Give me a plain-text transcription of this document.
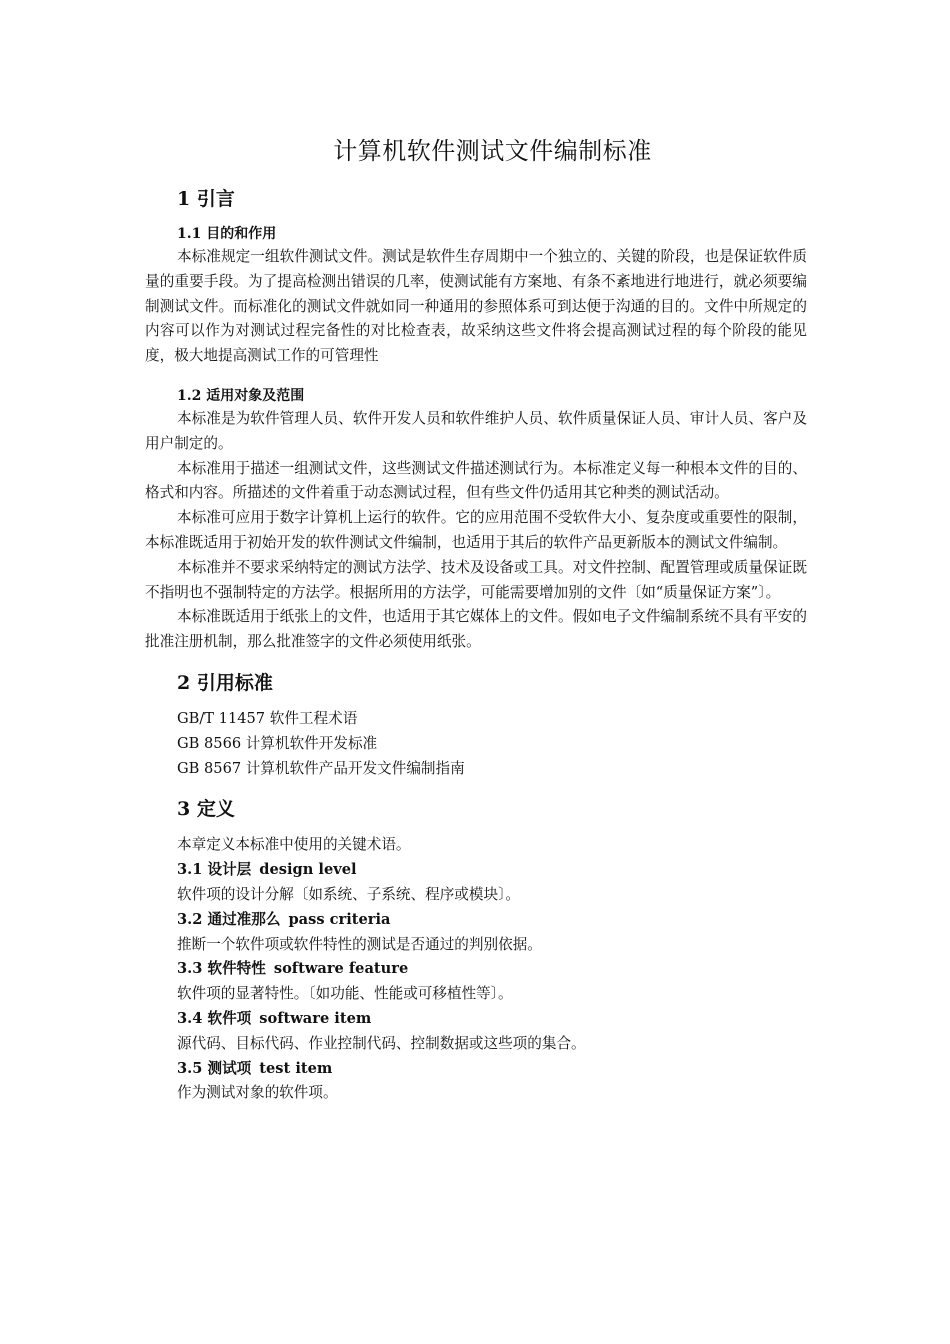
计算机软件测试文件编制标准
1 引言
1.1 目的和作用

本标准规定一组软件测试文件。测试是软件生存周期中一个独立的、关键的阶段，也是保证软件质量的重要手段。为了提高检测出错误的几率，使测试能有方案地、有条不紊地进行地进行，就必须要编制测试文件。而标准化的测试文件就如同一种通用的参照体系可到达便于沟通的目的。文件中所规定的内容可以作为对测试过程完备性的对比检查表，故采纳这些文件将会提高测试过程的每个阶段的能见度，极大地提高测试工作的可管理性

1.2 适用对象及范围

本标准是为软件管理人员、软件开发人员和软件维护人员、软件质量保证人员、审计人员、客户及用户制定的。

本标准用于描述一组测试文件，这些测试文件描述测试行为。本标准定义每一种根本文件的目的、格式和内容。所描述的文件着重于动态测试过程，但有些文件仍适用其它种类的测试活动。

本标准可应用于数字计算机上运行的软件。它的应用范围不受软件大小、复杂度或重要性的限制，本标准既适用于初始开发的软件测试文件编制，也适用于其后的软件产品更新版本的测试文件编制。

本标准并不要求采纳特定的测试方法学、技术及设备或工具。对文件控制、配置管理或质量保证既不指明也不强制特定的方法学。根据所用的方法学，可能需要增加别的文件〔如“质量保证方案”〕。

本标准既适用于纸张上的文件，也适用于其它媒体上的文件。假如电子文件编制系统不具有平安的批准注册机制，那么批准签字的文件必须使用纸张。

2 引用标准

GB/T 11457 软件工程术语

GB 8566 计算机软件开发标准

GB 8567 计算机软件产品开发文件编制指南

3 定义

本章定义本标准中使用的关键术语。

3.1 设计层 design level

软件项的设计分解〔如系统、子系统、程序或模块〕。

3.2 通过准那么 pass criteria

推断一个软件项或软件特性的测试是否通过的判别依据。

3.3 软件特性 software feature

软件项的显著特性。〔如功能、性能或可移植性等〕。

3.4 软件项 software item

源代码、目标代码、作业控制代码、控制数据或这些项的集合。

3.5 测试项 test item

作为测试对象的软件项。
